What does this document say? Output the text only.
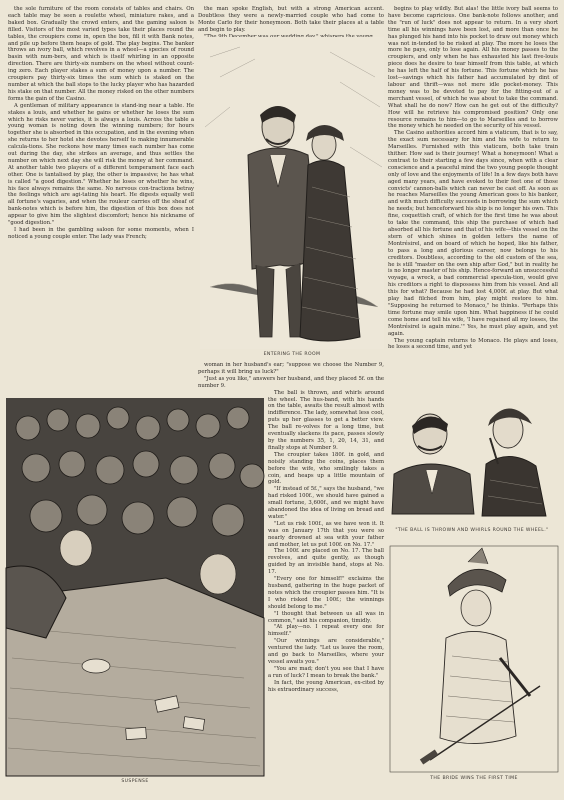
the sole furniture of the room consists of tables and chairs. On each table may be seen a roulette wheel, miniature rakes, and a baked box. Gradually the crowd enters, and the gaming saloon is filled. Visitors of the most varied types take their places round the tables, the croupiers come in, open the box, fill it with Bank notes, and pile up before them heaps of gold. The play begins. The banker throws an ivory ball, which revolves in a wheel—a species of round basin with num-bers, and which is itself whirling in an opposite direction. There are thirty-six numbers on the wheel without count-ing zero. Each player stakes a sum of money upon a number. The croupiers pay thirty-six times the sum which is staked on the number at which the ball stops to the lucky player who has hazarded his stake on that number. All the money risked on the other numbers forms the gain of the Casino.

A gentleman of military appearance is stand-ing near a table. He stakes a louis, and whether he gains or whether he loses the sum which he risks never varies, it is always a louis. Across the table a young woman is noting down the winning numbers; for hours together she is absorbed in this occupation, and in the evening when she returns to her hotel she devotes herself to making innumerable calcula-tions. She reckons how many times each number has come out during the day, she strikes an average, and thus settles the number on which next day she will risk the money at her command. At another table two players of a different temperament face each other. One is tantalised by play, the other is impassive; he has what is called "a good digestion." Whether he loses or whether he wins, his face always remains the same. No nervous con-tractions betray the feelings which are agi-tating his heart. He digests equally well all fortune's vagaries, and when the rouleur carries off the sheaf of bank-notes which is before him, the digestion of this box does not appear to give him the slightest discomfort; hence his nickname of "good digestion."

I had been in the gambling saloon for some moments, when I noticed a young couple enter. The lady was French;

the man spoke English, but with a strong American accent. Doubtless they were a newly-married couple who had come to Monte Carlo for their honeymoon. Both take their places at a table and begin to play.

ENTERING THE ROOM

woman in her husband's ear; "suppose we choose the Number 9, perhaps it will bring us luck?"

"Just as you like," answers her husband, and they placed 5f. on the number 9.

The ball is thrown, and whirls around the wheel. The hus-band, with his hands on the table, awaits the result almost with indifference. The lady, somewhat less cool, puts up her glasses to get a better view. The ball re-volves for a long time, but eventually slackens its pace, passes slowly by the numbers 35, 1, 20, 14, 31, and finally stops at Number 9.

The croupier takes 180f. in gold, and noisily standing the coins, places them before the wife, who smilingly takes a coin, and heaps up a little mountain of gold.

"If instead of 5f.," says the husband, "we had risked 100f., we should have gained a small fortune, 3,600f., and we might have abandoned the idea of living on bread and water."

"Let us risk 100f., as we have won it. It was on January 17th that you were so nearly drowned at sea with your father and mother, let us put 100f. on No. 17."

The 100f. are placed on No. 17. The ball revolves, and quite gently, as though guided by an invisible hand, stops at No. 17.

"Every one for himself!" exclaims the husband, gathering in the huge packet of notes which the croupier passes him. "It is I who risked the 100f.; the winnings should belong to me."

"I thought that between us all was in common," said his companion, timidly.

"At play—no. I repeat every one for himself."

"Our winnings are considerable," ventured the lady. "Let us leave the room, and go back to Marseilles, where your vessel awaits you."

"You are mad; don't you see that I have a run of luck? I mean to break the bank."

In fact, the young American, ex-cited by his extraordinary success,

SUSPENSE

begins to play wildly. But alas! the little ivory ball seems to have become capricious. One bank-note follows another, and the "run of luck" does not appear to return. In a very short time all his winnings have been lost, and more than once he has plunged his hand into his pocket to draw out money which was not in-tended to be risked at play. The more he loses the more he pays, only to lose again. All his money passes to the croupiers, and only when he has exhausted his last five-louis piece does he desire to tear himself from this table, at which he has left the half of his fortune. This fortune which he has lost—savings which his father had accumulated by dint of labour and thrift—was not mere idle pocket-money. This money was to be devoted to pay for the fitting-out of a merchant vessel, of which he was about to take the command. What shall he do now? How can he get out of the difficulty? How will he retrieve his compromised position? Only one resource remains to him—to go to Marseilles and to borrow the money which he needed on the security of his vessel.

The Casino authorities accord him a viaticum, that is to say, the exact sum necessary for him and his wife to return to Marseilles. Furnished with this viaticum, both take train thither. How sad is their journey! What a honeymoon! What a contrast to their starting a few days since, when with a clear conscience and a peaceful mind the two young people thought only of love and the enjoyments of life! In a few days both have aged many years, and have evoked to their feet one of those convicts' cannon-balls which can never be cast off. As soon as he reaches Marseilles the young American goes to his banker, and with much difficulty succeeds in borrowing the sum which he needs; but henceforward his ship is no longer his own. This fine, coquettish craft, of which for the first time he was about to take the command, this ship the purchase of which had absorbed all his fortune and that of his wife—this vessel on the stern of which shines in golden letters the name of Montrésirel, and on board of which he hoped, like his father, to pass a long and glorious career, now belongs to his creditors. Doubtless, according to the old custom of the sea, he is still "master on the own ship after God," but in reality he is no longer master of his ship. Hence-forward an unsuccessful voyage, a wreck, a bad commercial specula-tion, would give his creditors a right to dispossess him from his vessel. And all this for what? Because he had lost 4,000f. at play. But what play had filched from him, play might restore to him. "Supposing he returned to Monaco," he thinks. "Perhaps this time fortune may smile upon him. What happiness if he could come home and tell his wife, 'I have regained all my losses, the Montrésirel is again mine.'" Yes, he must play again, and yet again.

The young captain returns to Monaco. He plays and loses, he loses a second time, and yet

"THE BALL IS THROWN AND WHIRLS ROUND THE WHEEL."
THE BRIDE WINS THE FIRST TIME
